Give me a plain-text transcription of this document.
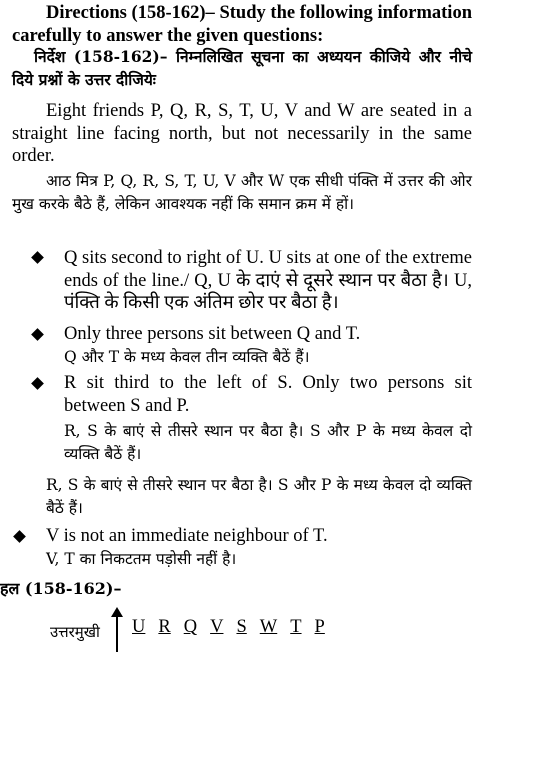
Directions (158-162)– Study the following information carefully to answer the given questions:

निर्देश (158-162)– निम्नलिखित सूचना का अध्ययन कीजिये और नीचे दिये प्रश्नों के उत्तर दीजियेः

Eight friends P, Q, R, S, T, U, V and W are seated in a straight line facing north, but not necessarily in the same order.

आठ मित्र P, Q, R, S, T, U, V और W एक सीधी पंक्ति में उत्तर की ओर मुख करके बैठे हैं, लेकिन आवश्यक नहीं कि समान क्रम में हों।

Q sits second to right of U. U sits at one of the extreme ends of the line./ Q, U के दाएं से दूसरे स्थान पर बैठा है। U, पंक्ति के किसी एक अंतिम छोर पर बैठा है।

Only three persons sit between Q and T.

Q और T के मध्य केवल तीन व्यक्ति बैठें हैं।

R sit third to the left of S. Only two persons sit between S and P.

R, S के बाएं से तीसरे स्थान पर बैठा है। S और P के मध्य केवल दो व्यक्ति बैठें हैं।

R, S के बाएं से तीसरे स्थान पर बैठा है। S और P के मध्य केवल दो व्यक्ति बैठें हैं।

V is not an immediate neighbour of T.

V, T का निकटतम पड़ोसी नहीं है।

हल (158-162)–
उत्तरमुखी U R Q V S W T P
